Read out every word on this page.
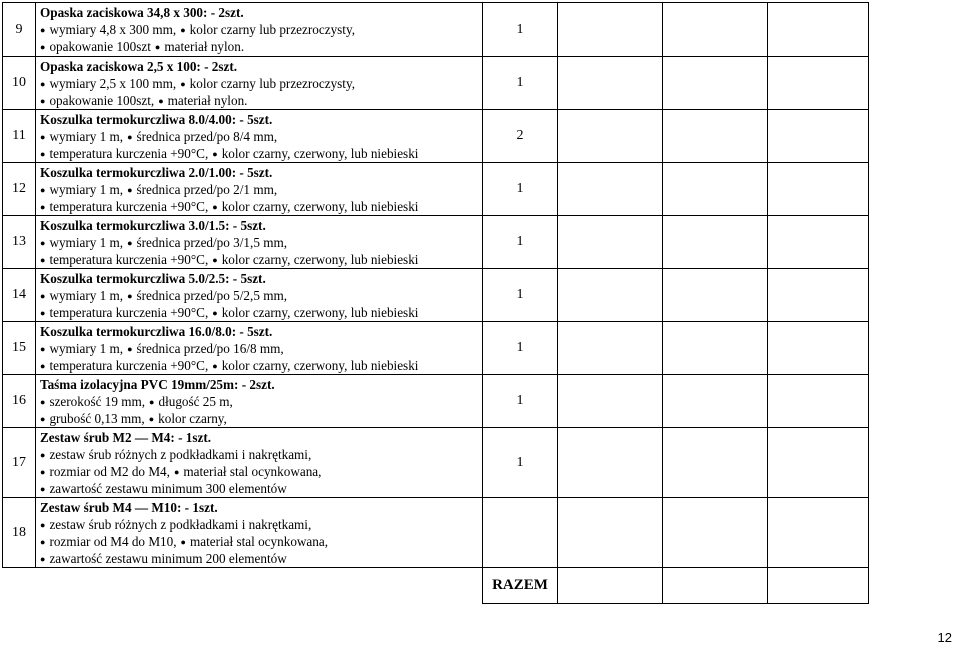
9	Opaska zaciskowa 34,8 x 300: - 2szt.
● wymiary 4,8 x 300 mm, ● kolor czarny lub przezroczysty,
● opakowanie 100szt ● materiał nylon.	1			
10	Opaska zaciskowa 2,5 x 100: - 2szt.
● wymiary 2,5 x 100 mm, ● kolor czarny lub przezroczysty,
● opakowanie 100szt, ● materiał nylon.	1			
11	Koszulka termokurczliwa 8.0/4.00: - 5szt.
● wymiary 1 m, ● średnica przed/po 8/4 mm,
● temperatura kurczenia +90°C, ● kolor czarny, czerwony, lub niebieski	2			
12	Koszulka termokurczliwa 2.0/1.00: - 5szt.
● wymiary 1 m, ● średnica przed/po 2/1 mm,
● temperatura kurczenia +90°C, ● kolor czarny, czerwony, lub niebieski	1			
13	Koszulka termokurczliwa 3.0/1.5: - 5szt.
● wymiary 1 m, ● średnica przed/po 3/1,5 mm,
● temperatura kurczenia +90°C, ● kolor czarny, czerwony, lub niebieski	1			
14	Koszulka termokurczliwa 5.0/2.5: - 5szt.
● wymiary 1 m, ● średnica przed/po 5/2,5 mm,
● temperatura kurczenia +90°C, ● kolor czarny, czerwony, lub niebieski	1			
15	Koszulka termokurczliwa 16.0/8.0: - 5szt.
● wymiary 1 m, ● średnica przed/po 16/8 mm,
● temperatura kurczenia +90°C, ● kolor czarny, czerwony, lub niebieski	1			
16	Taśma izolacyjna PVC 19mm/25m: - 2szt.
● szerokość 19 mm, ● długość 25 m,
● grubość 0,13 mm, ● kolor czarny,	1			
17	Zestaw śrub M2 — M4: - 1szt.
● zestaw śrub różnych z podkładkami i nakrętkami,
● rozmiar od M2 do M4, ● materiał stal ocynkowana,
● zawartość zestawu minimum 300 elementów	1			
18	Zestaw śrub M4 — M10: - 1szt.
● zestaw śrub różnych z podkładkami i nakrętkami,
● rozmiar od M4 do M10, ● materiał stal ocynkowana,
● zawartość zestawu minimum 200 elementów

		RAZEM			
12
